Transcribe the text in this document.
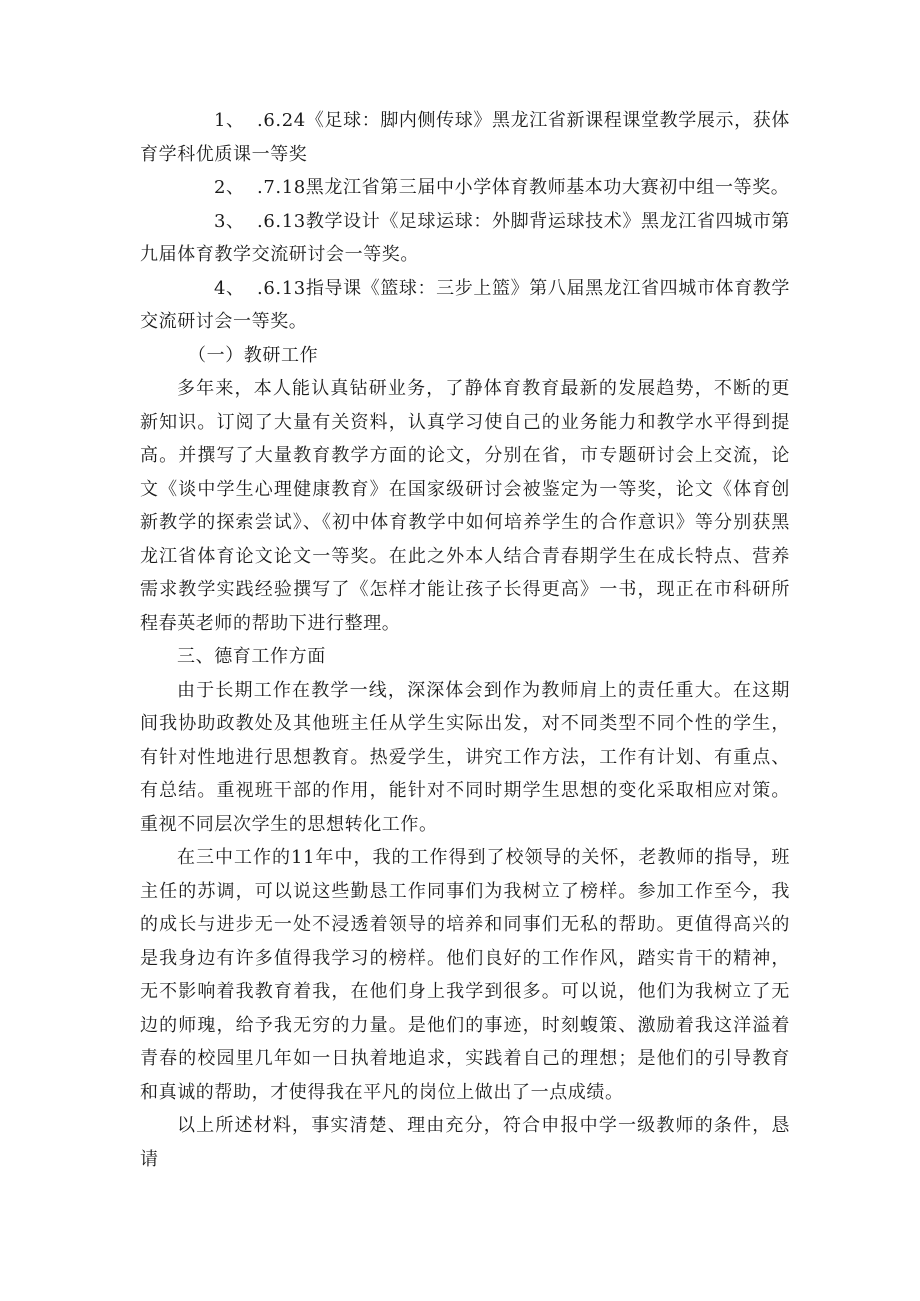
1、 .6.24《足球：脚内侧传球》黑龙江省新课程课堂教学展示，获体育学科优质课一等奖

2、 .7.18黑龙江省第三届中小学体育教师基本功大赛初中组一等奖。

3、 .6.13教学设计《足球运球：外脚背运球技术》黑龙江省四城市第九届体育教学交流研讨会一等奖。

4、 .6.13指导课《篮球：三步上篮》第八届黑龙江省四城市体育教学交流研讨会一等奖。

（一）教研工作

多年来，本人能认真钻研业务，了静体育教育最新的发展趋势，不断的更新知识。订阅了大量有关资料，认真学习使自己的业务能力和教学水平得到提高。并撰写了大量教育教学方面的论文，分别在省，市专题研讨会上交流，论文《谈中学生心理健康教育》在国家级研讨会被鉴定为一等奖，论文《体育创新教学的探索尝试》、《初中体育教学中如何培养学生的合作意识》等分别获黑龙江省体育论文论文一等奖。在此之外本人结合青春期学生在成长特点、营养需求教学实践经验撰写了《怎样才能让孩子长得更高》一书，现正在市科研所程春英老师的帮助下进行整理。

三、德育工作方面

由于长期工作在教学一线，深深体会到作为教师肩上的责任重大。在这期间我协助政教处及其他班主任从学生实际出发，对不同类型不同个性的学生，有针对性地进行思想教育。热爱学生，讲究工作方法，工作有计划、有重点、有总结。重视班干部的作用，能针对不同时期学生思想的变化采取相应对策。重视不同层次学生的思想转化工作。

在三中工作的11年中，我的工作得到了校领导的关怀，老教师的指导，班主任的苏调，可以说这些勤恳工作同事们为我树立了榜样。参加工作至今，我的成长与进步无一处不浸透着领导的培养和同事们无私的帮助。更值得高兴的是我身边有许多值得我学习的榜样。他们良好的工作作风，踏实肯干的精神，无不影响着我教育着我，在他们身上我学到很多。可以说，他们为我树立了无边的师瑰，给予我无穷的力量。是他们的事迹，时刻蝮策、激励着我这洋溢着青春的校园里几年如一日执着地追求，实践着自己的理想；是他们的引导教育和真诚的帮助，才使得我在平凡的岗位上做出了一点成绩。

以上所述材料，事实清楚、理由充分，符合申报中学一级教师的条件，恳请
